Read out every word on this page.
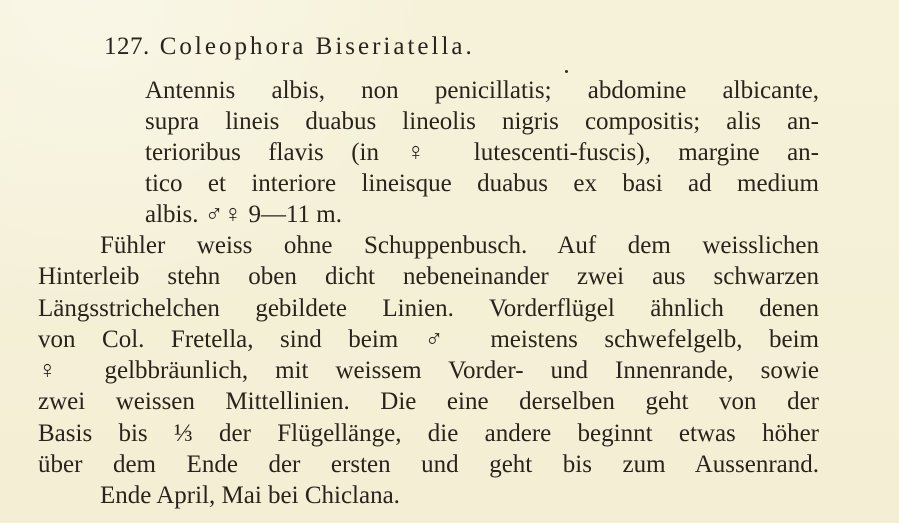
127. Coleophora Biseriatella.
Antennis albis, non penicillatis; abdomine albicante,
supra lineis duabus lineolis nigris compositis; alis an-
terioribus flavis (in ♀ lutescenti-fuscis), margine an-
tico et interiore lineisque duabus ex basi ad medium
albis. ♂♀ 9—11 m.
Fühler weiss ohne Schuppenbusch. Auf dem weisslichen
Hinterleib stehn oben dicht nebeneinander zwei aus schwarzen
Längsstrichelchen gebildete Linien. Vorderflügel ähnlich denen
von Col. Fretella, sind beim ♂ meistens schwefelgelb, beim
♀ gelbbräunlich, mit weissem Vorder- und Innenrande, sowie
zwei weissen Mittellinien. Die eine derselben geht von der
Basis bis ⅓ der Flügellänge, die andere beginnt etwas höher
über dem Ende der ersten und geht bis zum Aussenrand.
Ende April, Mai bei Chiclana.
